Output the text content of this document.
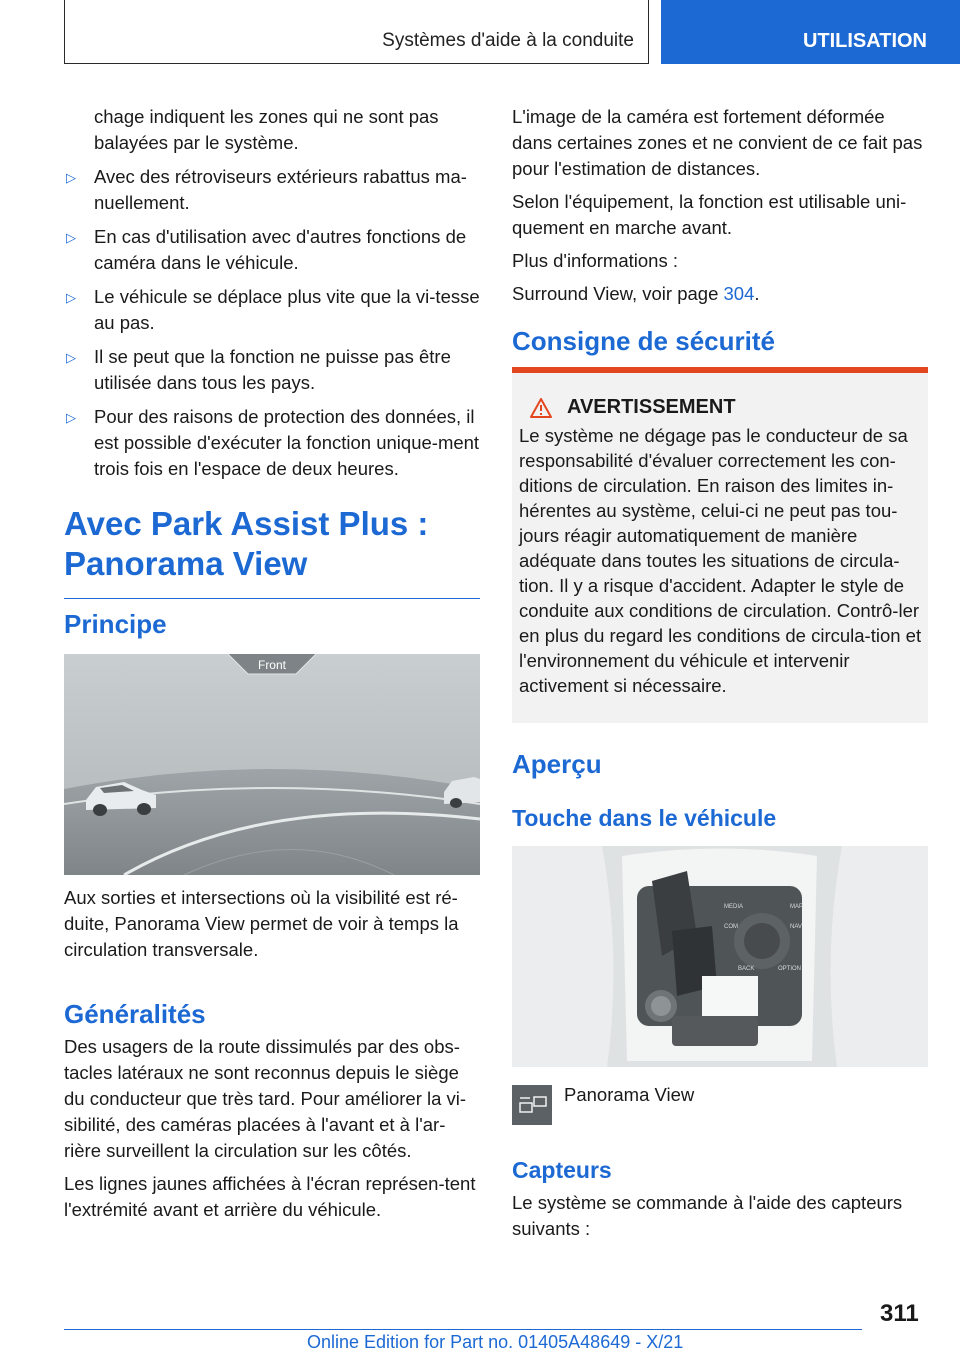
Systèmes d'aide à la conduite	UTILISATION
chage indiquent les zones qui ne sont pas balayées par le système.
▷ Avec des rétroviseurs extérieurs rabattus ma-nuellement.
▷ En cas d'utilisation avec d'autres fonctions de caméra dans le véhicule.
▷ Le véhicule se déplace plus vite que la vi-tesse au pas.
▷ Il se peut que la fonction ne puisse pas être utilisée dans tous les pays.
▷ Pour des raisons de protection des données, il est possible d'exécuter la fonction unique-ment trois fois en l'espace de deux heures.
Avec Park Assist Plus :
Panorama View
Principe
Front

Aux sorties et intersections où la visibilité est ré-duite, Panorama View permet de voir à temps la circulation transversale.

Généralités

Des usagers de la route dissimulés par des obs-tacles latéraux ne sont reconnus depuis le siège du conducteur que très tard. Pour améliorer la vi-sibilité, des caméras placées à l'avant et à l'ar-rière surveillent la circulation sur les côtés.

Les lignes jaunes affichées à l'écran représen-tent l'extrémité avant et arrière du véhicule.

L'image de la caméra est fortement déformée dans certaines zones et ne convient de ce fait pas pour l'estimation de distances.

Selon l'équipement, la fonction est utilisable uni-quement en marche avant.

Plus d'informations :

Surround View, voir page 304.

Consigne de sécurité
AVERTISSEMENT
Le système ne dégage pas le conducteur de sa responsabilité d'évaluer correctement les con-ditions de circulation. En raison des limites in-hérentes au système, celui-ci ne peut pas tou-jours réagir automatiquement de manière adéquate dans toutes les situations de circula-tion. Il y a risque d'accident. Adapter le style de conduite aux conditions de circulation. Contrô-ler en plus du regard les conditions de circula-tion et l'environnement du véhicule et intervenir activement si nécessaire.
Aperçu
Touche dans le véhicule
MEDIA
COM
MAP
NAV
BACK	OPTION
Panorama View
Capteurs
Le système se commande à l'aide des capteurs suivants :
311
Online Edition for Part no. 01405A48649 - X/21
